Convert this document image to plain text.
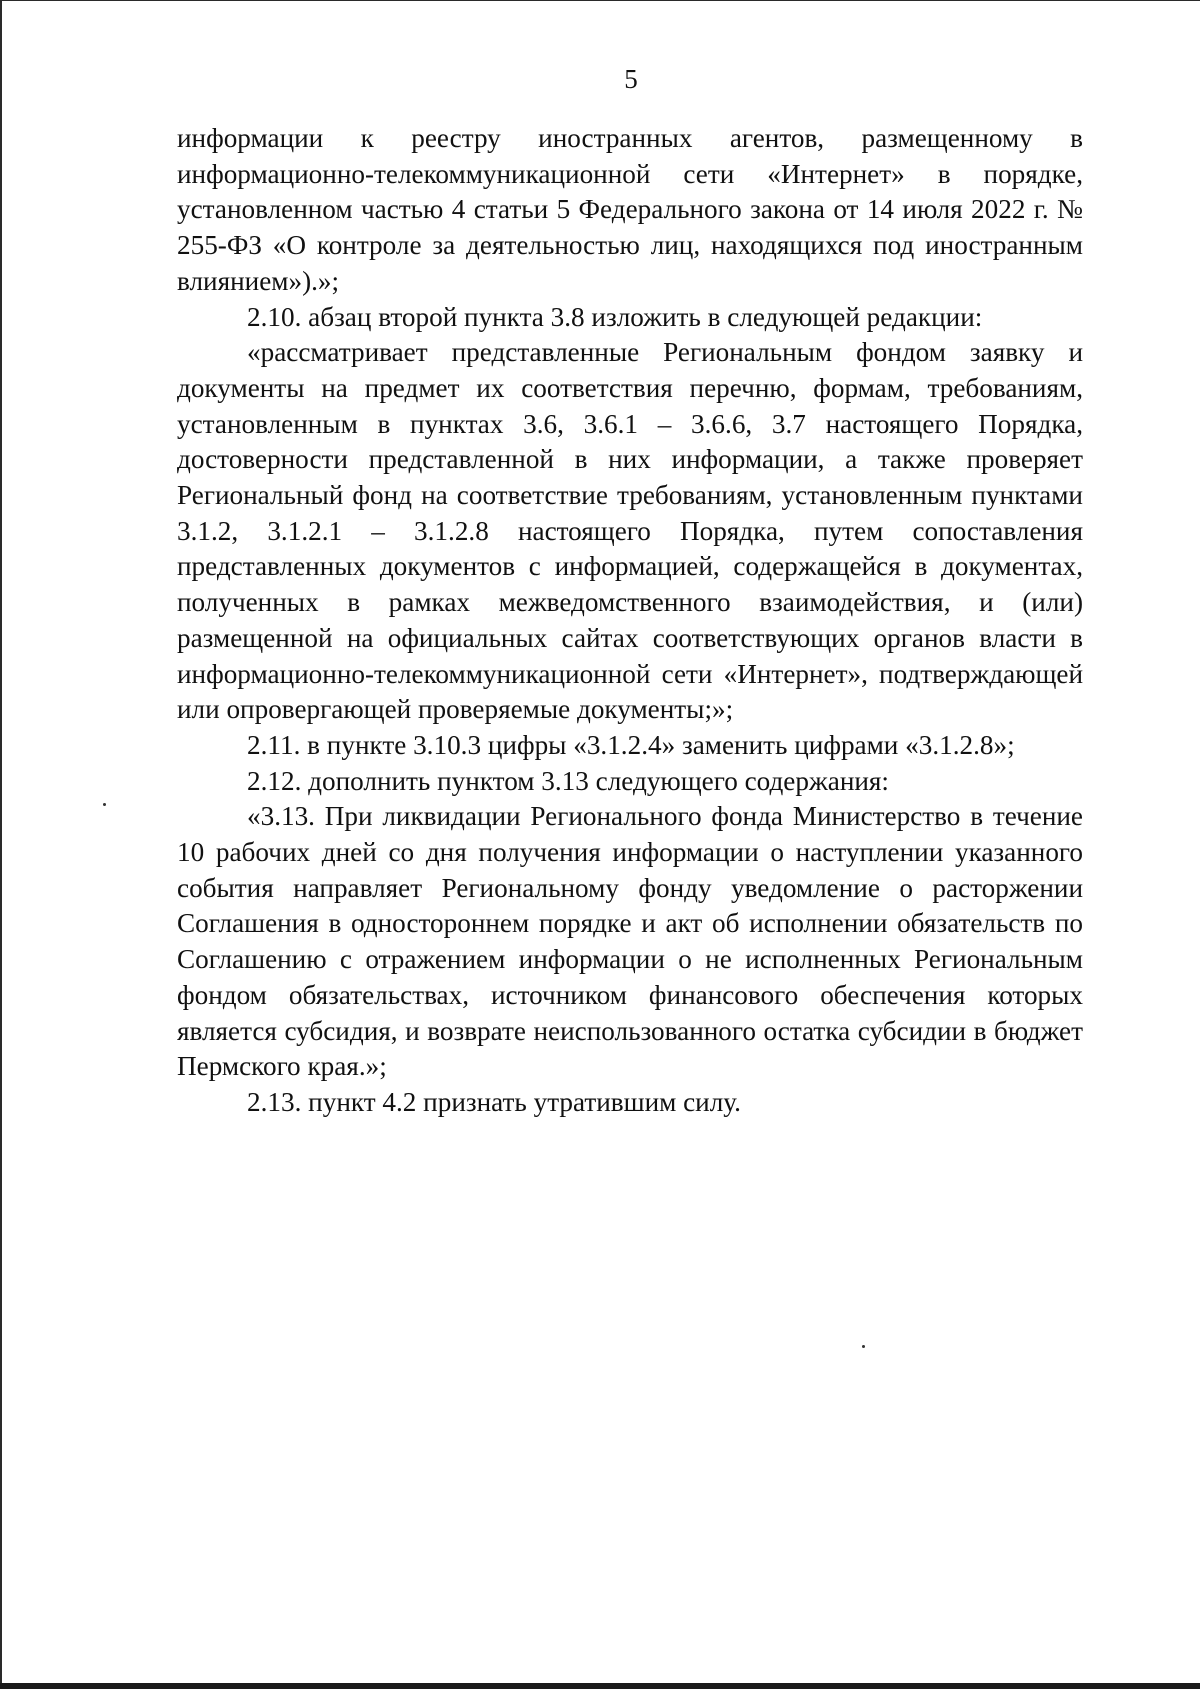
5

информации к реестру иностранных агентов, размещенному в информационно-телекоммуникационной сети «Интернет» в порядке, установленном частью 4 статьи 5 Федерального закона от 14 июля 2022 г. № 255-ФЗ «О контроле за деятельностью лиц, находящихся под иностранным влиянием»).»;

2.10. абзац второй пункта 3.8 изложить в следующей редакции:

«рассматривает представленные Региональным фондом заявку и документы на предмет их соответствия перечню, формам, требованиям, установленным в пунктах 3.6, 3.6.1 – 3.6.6, 3.7 настоящего Порядка, достоверности представленной в них информации, а также проверяет Региональный фонд на соответствие требованиям, установленным пунктами 3.1.2, 3.1.2.1 – 3.1.2.8 настоящего Порядка, путем сопоставления представленных документов с информацией, содержащейся в документах, полученных в рамках межведомственного взаимодействия, и (или) размещенной на официальных сайтах соответствующих органов власти в информационно-телекоммуникационной сети «Интернет», подтверждающей или опровергающей проверяемые документы;»;

2.11. в пункте 3.10.3 цифры «3.1.2.4» заменить цифрами «3.1.2.8»;

2.12. дополнить пунктом 3.13 следующего содержания:

«3.13. При ликвидации Регионального фонда Министерство в течение 10 рабочих дней со дня получения информации о наступлении указанного события направляет Региональному фонду уведомление о расторжении Соглашения в одностороннем порядке и акт об исполнении обязательств по Соглашению с отражением информации о не исполненных Региональным фондом обязательствах, источником финансового обеспечения которых является субсидия, и возврате неиспользованного остатка субсидии в бюджет Пермского края.»;

2.13. пункт 4.2 признать утратившим силу.
